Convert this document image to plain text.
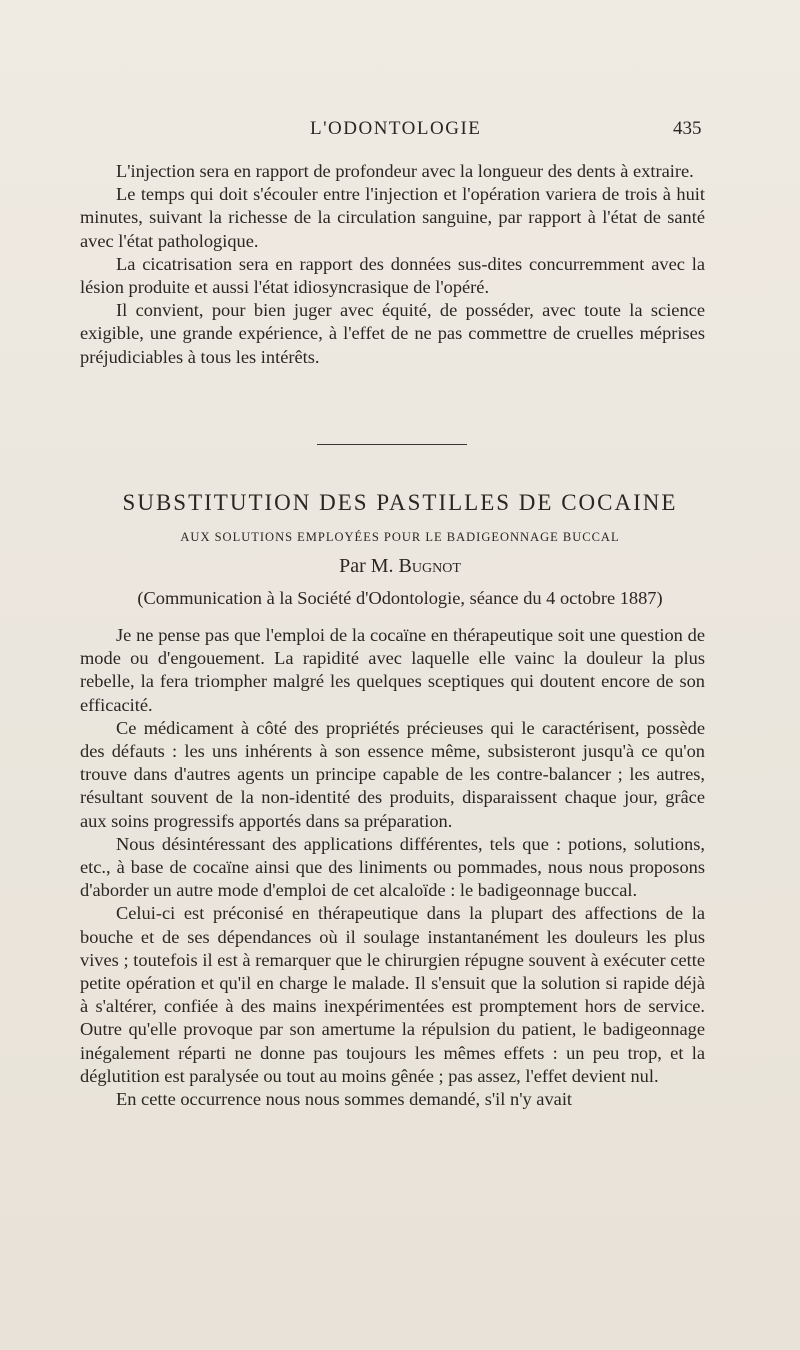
L'ODONTOLOGIE	435

L'injection sera en rapport de profondeur avec la longueur des dents à extraire.

Le temps qui doit s'écouler entre l'injection et l'opération variera de trois à huit minutes, suivant la richesse de la circulation sanguine, par rapport à l'état de santé avec l'état pathologique.

La cicatrisation sera en rapport des données sus-dites concurremment avec la lésion produite et aussi l'état idiosyncrasique de l'opéré.

Il convient, pour bien juger avec équité, de posséder, avec toute la science exigible, une grande expérience, à l'effet de ne pas commettre de cruelles méprises préjudiciables à tous les intérêts.

SUBSTITUTION DES PASTILLES DE COCAINE
AUX SOLUTIONS EMPLOYÉES POUR LE BADIGEONNAGE BUCCAL
Par M. Bugnot
(Communication à la Société d'Odontologie, séance du 4 octobre 1887)

Je ne pense pas que l'emploi de la cocaïne en thérapeutique soit une question de mode ou d'engouement. La rapidité avec laquelle elle vainc la douleur la plus rebelle, la fera triompher malgré les quelques sceptiques qui doutent encore de son efficacité.

Ce médicament à côté des propriétés précieuses qui le caractérisent, possède des défauts : les uns inhérents à son essence même, subsisteront jusqu'à ce qu'on trouve dans d'autres agents un principe capable de les contre-balancer ; les autres, résultant souvent de la non-identité des produits, disparaissent chaque jour, grâce aux soins progressifs apportés dans sa préparation.

Nous désintéressant des applications différentes, tels que : potions, solutions, etc., à base de cocaïne ainsi que des liniments ou pommades, nous nous proposons d'aborder un autre mode d'emploi de cet alcaloïde : le badigeonnage buccal.

Celui-ci est préconisé en thérapeutique dans la plupart des affections de la bouche et de ses dépendances où il soulage instantanément les douleurs les plus vives ; toutefois il est à remarquer que le chirurgien répugne souvent à exécuter cette petite opération et qu'il en charge le malade. Il s'ensuit que la solution si rapide déjà à s'altérer, confiée à des mains inexpérimentées est promptement hors de service. Outre qu'elle provoque par son amertume la répulsion du patient, le badigeonnage inégalement réparti ne donne pas toujours les mêmes effets : un peu trop, et la déglutition est paralysée ou tout au moins gênée ; pas assez, l'effet devient nul.

En cette occurrence nous nous sommes demandé, s'il n'y avait
